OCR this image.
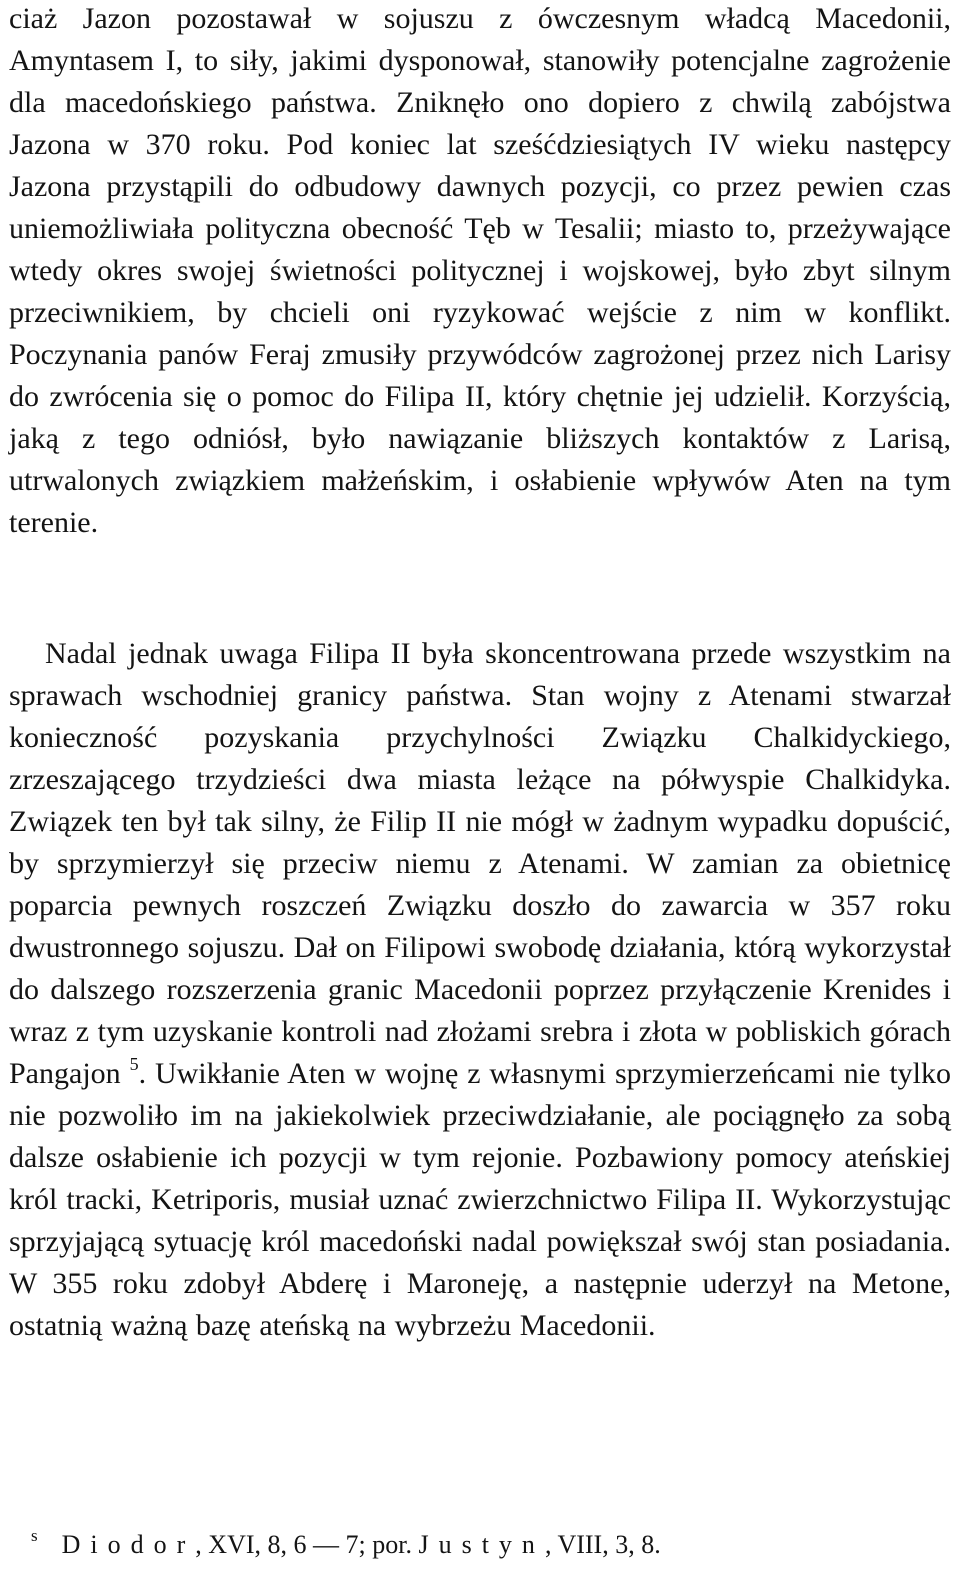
ciaż Jazon pozostawał w sojuszu z ówczesnym władcą Macedonii, Amyntasem I, to siły, jakimi dysponował, stanowiły potencjalne zagrożenie dla macedońskiego państwa. Zniknęło ono dopiero z chwilą zabójstwa Jazona w 370 roku. Pod koniec lat sześćdziesiątych IV wieku następcy Jazona przystąpili do odbudowy dawnych pozycji, co przez pewien czas uniemożliwiała polityczna obecność Tęb w Tesalii; miasto to, przeżywające wtedy okres swojej świetności politycznej i wojskowej, było zbyt silnym przeciwnikiem, by chcieli oni ryzykować wejście z nim w konflikt. Poczynania panów Feraj zmusiły przywódców zagrożonej przez nich Larisy do zwrócenia się o pomoc do Filipa II, który chętnie jej udzielił. Korzyścią, jaką z tego odniósł, było nawiązanie bliższych kontaktów z Larisą, utrwalonych związkiem małżeńskim, i osłabienie wpływów Aten na tym terenie.

Nadal jednak uwaga Filipa II była skoncentrowana przede wszystkim na sprawach wschodniej granicy państwa. Stan wojny z Atenami stwarzał konieczność pozyskania przychylności Związku Chalkidyckiego, zrzeszającego trzydzieści dwa miasta leżące na półwyspie Chalkidyka. Związek ten był tak silny, że Filip II nie mógł w żadnym wypadku dopuścić, by sprzymierzył się przeciw niemu z Atenami. W zamian za obietnicę poparcia pewnych roszczeń Związku doszło do zawarcia w 357 roku dwustronnego sojuszu. Dał on Filipowi swobodę działania, którą wykorzystał do dalszego rozszerzenia granic Macedonii poprzez przyłączenie Krenides i wraz z tym uzyskanie kontroli nad złożami srebra i złota w pobliskich górach Pangajon $^5$. Uwikłanie Aten w wojnę z własnymi sprzymierzeńcami nie tylko nie pozwoliło im na jakiekolwiek przeciwdziałanie, ale pociągnęło za sobą dalsze osłabienie ich pozycji w tym rejonie. Pozbawiony pomocy ateńskiej król tracki, Ketriporis, musiał uznać zwierzchnictwo Filipa II. Wykorzystując sprzyjającą sytuację król macedoński nadal powiększał swój stan posiadania. W 355 roku zdobył Abderę i Maroneję, a następnie uderzył na Metone, ostatnią ważną bazę ateńską na wybrzeżu Macedonii.

$^s$ Diodor, XVI, 8, 6 — 7; por. Justyn, VIII, 3, 8.
